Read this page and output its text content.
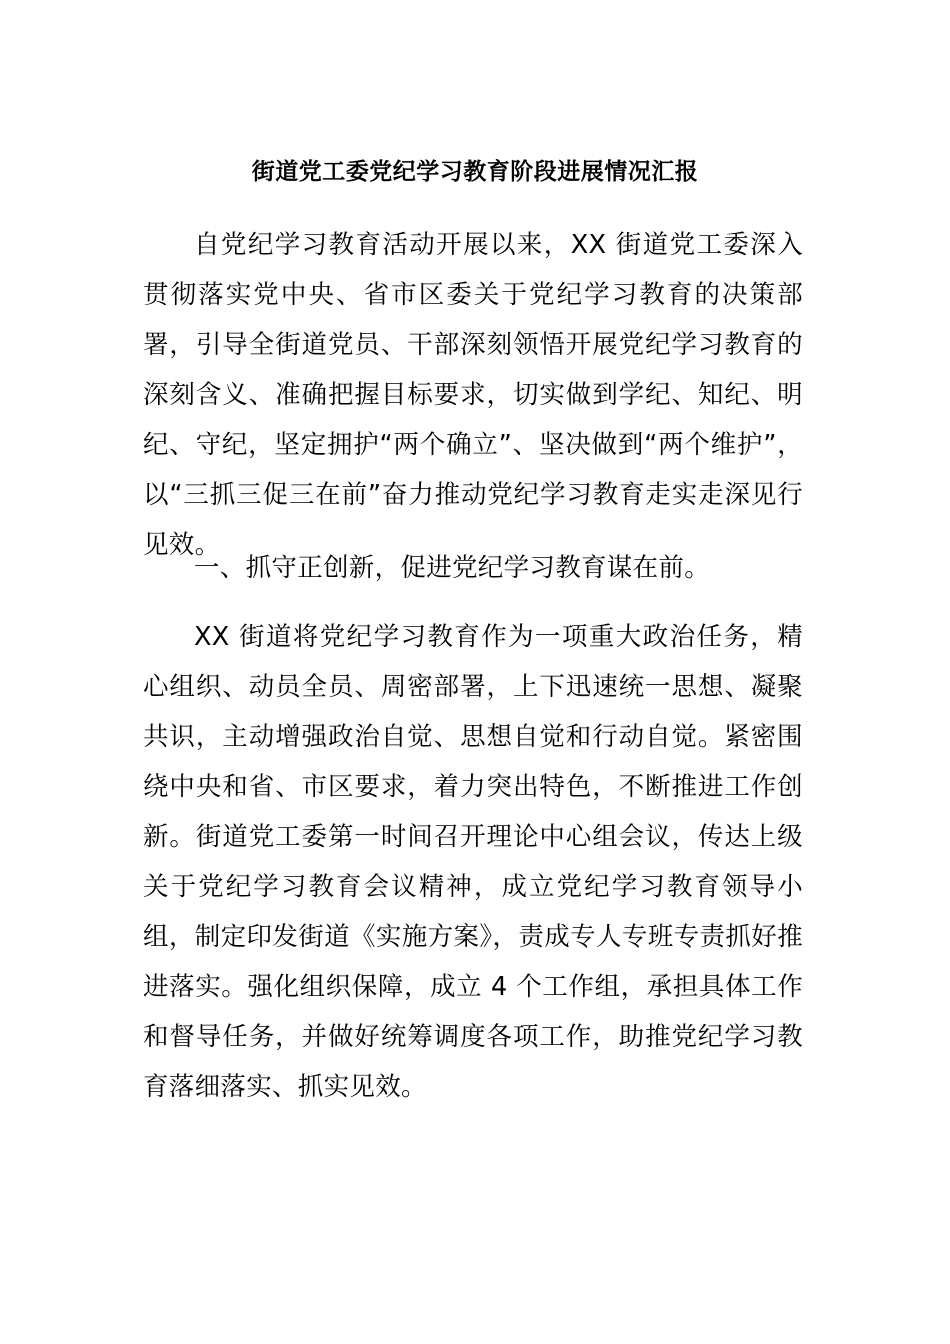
街道党工委党纪学习教育阶段进展情况汇报

自党纪学习教育活动开展以来，XX 街道党工委深入贯彻落实党中央、省市区委关于党纪学习教育的决策部署，引导全街道党员、干部深刻领悟开展党纪学习教育的深刻含义、准确把握目标要求，切实做到学纪、知纪、明纪、守纪，坚定拥护“两个确立”、坚决做到“两个维护”，以“三抓三促三在前”奋力推动党纪学习教育走实走深见行见效。

一、抓守正创新，促进党纪学习教育谋在前。

XX 街道将党纪学习教育作为一项重大政治任务，精心组织、动员全员、周密部署，上下迅速统一思想、凝聚共识，主动增强政治自觉、思想自觉和行动自觉。紧密围绕中央和省、市区要求，着力突出特色，不断推进工作创新。街道党工委第一时间召开理论中心组会议，传达上级关于党纪学习教育会议精神，成立党纪学习教育领导小组，制定印发街道《实施方案》，责成专人专班专责抓好推进落实。强化组织保障，成立 4 个工作组，承担具体工作和督导任务，并做好统筹调度各项工作，助推党纪学习教育落细落实、抓实见效。
